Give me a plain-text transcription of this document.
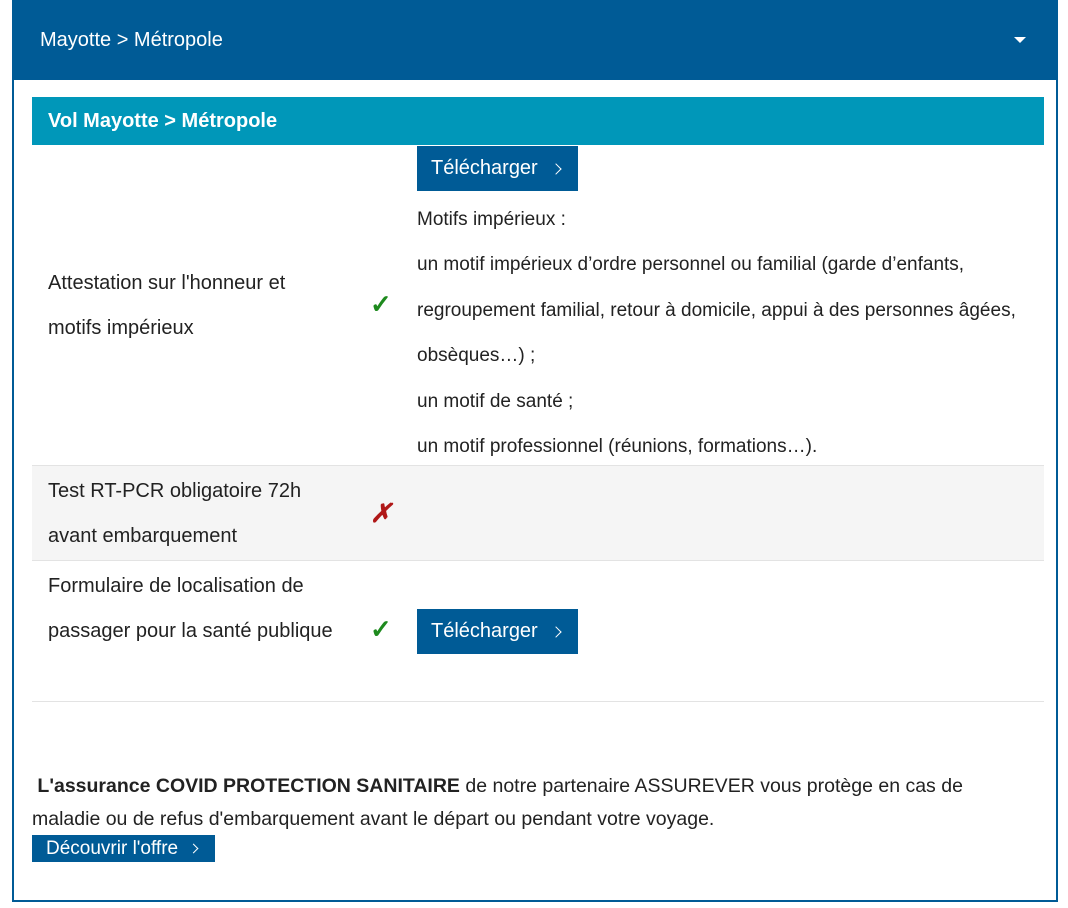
Mayotte > Métropole
Vol Mayotte > Métropole
Attestation sur l'honneur et motifs impérieux
✓
Télécharger
Motifs impérieux :
un motif impérieux d’ordre personnel ou familial (garde d’enfants, regroupement familial, retour à domicile, appui à des personnes âgées, obsèques…) ;
un motif de santé ;
un motif professionnel (réunions, formations…).
Test RT-PCR obligatoire 72h avant embarquement
✗
Formulaire de localisation de passager pour la santé publique ✓ Télécharger
L'assurance COVID PROTECTION SANITAIRE de notre partenaire ASSUREVER vous protège en cas de maladie ou de refus d'embarquement avant le départ ou pendant votre voyage.
Découvrir l'offre
